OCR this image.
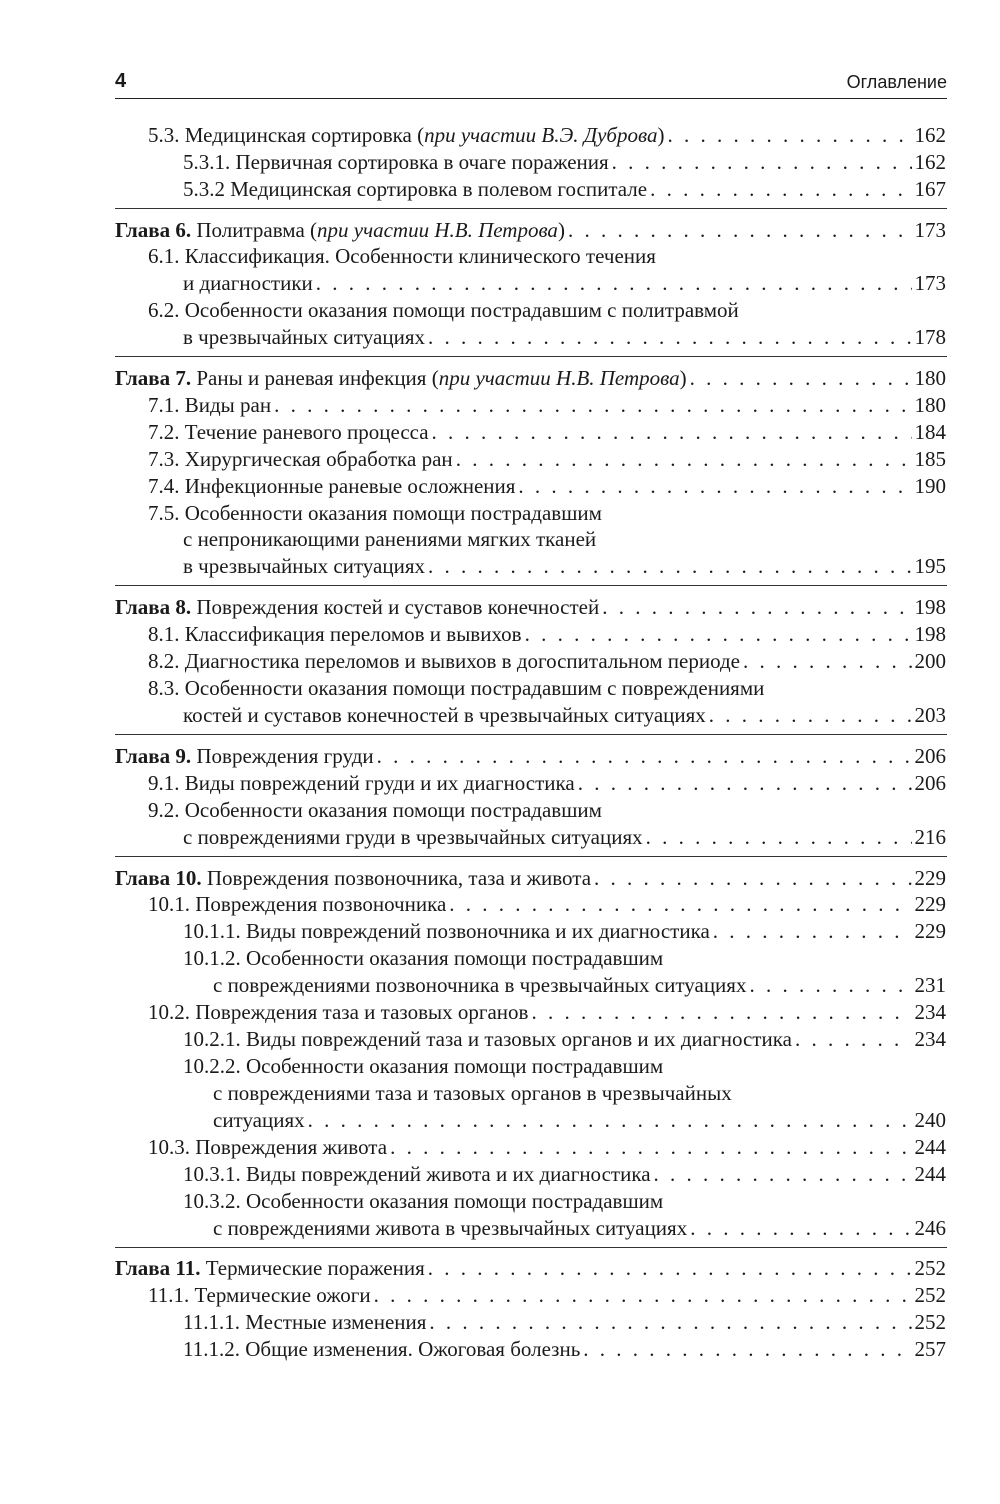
4	Оглавление
5.3. Медицинская сортировка (при участии В.Э. Дуброва) . . .	162
5.3.1. Первичная сортировка в очаге поражения . . .	162
5.3.2 Медицинская сортировка в полевом госпитале . . .	167
Глава 6. Политравма (при участии Н.В. Петрова) . . .	173
6.1. Классификация. Особенности клинического течения
и диагностики . . .	173
6.2. Особенности оказания помощи пострадавшим с политравмой
в чрезвычайных ситуациях . . .	178
Глава 7. Раны и раневая инфекция (при участии Н.В. Петрова) . . .	180
7.1. Виды ран . . .	180
7.2. Течение раневого процесса . . .	184
7.3. Хирургическая обработка ран . . .	185
7.4. Инфекционные раневые осложнения . . .	190
7.5. Особенности оказания помощи пострадавшим
с непроникающими ранениями мягких тканей
в чрезвычайных ситуациях . . .	195
Глава 8. Повреждения костей и суставов конечностей . . .	198
8.1. Классификация переломов и вывихов . . .	198
8.2. Диагностика переломов и вывихов в догоспитальном периоде . . .	200
8.3. Особенности оказания помощи пострадавшим с повреждениями
костей и суставов конечностей в чрезвычайных ситуациях . . .	203
Глава 9. Повреждения груди . . .	206
9.1. Виды повреждений груди и их диагностика . . .	206
9.2. Особенности оказания помощи пострадавшим
с повреждениями груди в чрезвычайных ситуациях . . .	216
Глава 10. Повреждения позвоночника, таза и живота . . .	229
10.1. Повреждения позвоночника . . .	229
10.1.1. Виды повреждений позвоночника и их диагностика . . .	229
10.1.2. Особенности оказания помощи пострадавшим
с повреждениями позвоночника в чрезвычайных ситуациях . . .	231
10.2. Повреждения таза и тазовых органов . . .	234
10.2.1. Виды повреждений таза и тазовых органов и их диагностика . . .	234
10.2.2. Особенности оказания помощи пострадавшим
с повреждениями таза и тазовых органов в чрезвычайных
ситуациях . . .	240
10.3. Повреждения живота . . .	244
10.3.1. Виды повреждений живота и их диагностика . . .	244
10.3.2. Особенности оказания помощи пострадавшим
с повреждениями живота в чрезвычайных ситуациях . . .	246
Глава 11. Термические поражения . . .	252
11.1. Термические ожоги . . .	252
11.1.1. Местные изменения . . .	252
11.1.2. Общие изменения. Ожоговая болезнь . . .	257
